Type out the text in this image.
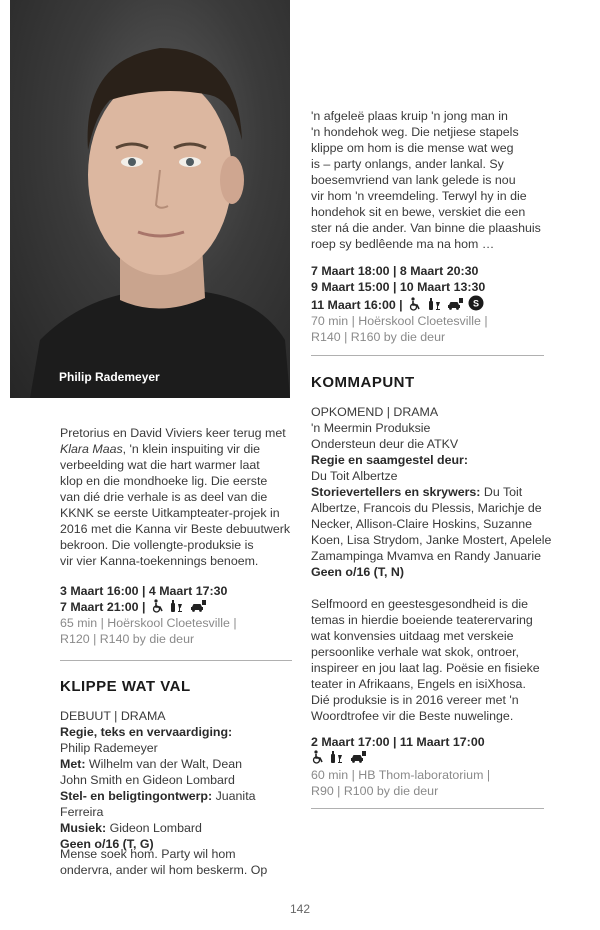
Philip Rademeyer

Pretorius en David Viviers keer terug met

Klara Maas, 'n klein inspuiting vir die

verbeelding wat die hart warmer laat

klop en die mondhoeke lig. Die eerste

van dié drie verhale is as deel van die

KKNK se eerste Uitkampteater-projek in

2016 met die Kanna vir Beste debuutwerk

bekroon. Die vollengte-produksie is

vir vier Kanna-toekennings benoem.

3 Maart 16:00 | 4 Maart 17:30

7 Maart 21:00 |

65 min | Hoërskool Cloetesville |

R120 | R140 by die deur

KLIPPE WAT VAL

DEBUUT | DRAMA

Regie, teks en vervaardiging:

Philip Rademeyer

Met: Wilhelm van der Walt, Dean

John Smith en Gideon Lombard

Stel- en beligtingontwerp: Juanita Ferreira

Musiek: Gideon Lombard

Geen o/16 (T, G)

Mense soek hom. Party wil hom

ondervra, ander wil hom beskerm. Op

'n afgeleë plaas kruip 'n jong man in

'n hondehok weg. Die netjiese stapels

klippe om hom is die mense wat weg

is – party onlangs, ander lankal. Sy

boesemvriend van lank gelede is nou

vir hom 'n vreemdeling. Terwyl hy in die

hondehok sit en bewe, verskiet die een

ster ná die ander. Van binne die plaashuis

roep sy bedlêende ma na hom …

7 Maart 18:00 | 8 Maart 20:30

9 Maart 15:00 | 10 Maart 13:30

11 Maart 16:00 |	S

70 min | Hoërskool Cloetesville |

R140 | R160 by die deur

KOMMAPUNT

OPKOMEND | DRAMA

'n Meermin Produksie

Ondersteun deur die ATKV

Regie en saamgestel deur:

Du Toit Albertze

Storievertellers en skrywers: Du Toit

Albertze, Francois du Plessis, Marichje de

Necker, Allison-Claire Hoskins, Suzanne

Koen, Lisa Strydom, Janke Mostert, Apelele

Zamampinga Mvamva en Randy Januarie

Geen o/16 (T, N)

Selfmoord en geestesgesondheid is die

temas in hierdie boeiende teaterervaring

wat konvensies uitdaag met verskeie

persoonlike verhale wat skok, ontroer,

inspireer en jou laat lag. Poësie en fisieke

teater in Afrikaans, Engels en isiXhosa.

Dié produksie is in 2016 vereer met 'n

Woordtrofee vir die Beste nuwelinge.

2 Maart 17:00 | 11 Maart 17:00

60 min | HB Thom-laboratorium |

R90 | R100 by die deur

142
